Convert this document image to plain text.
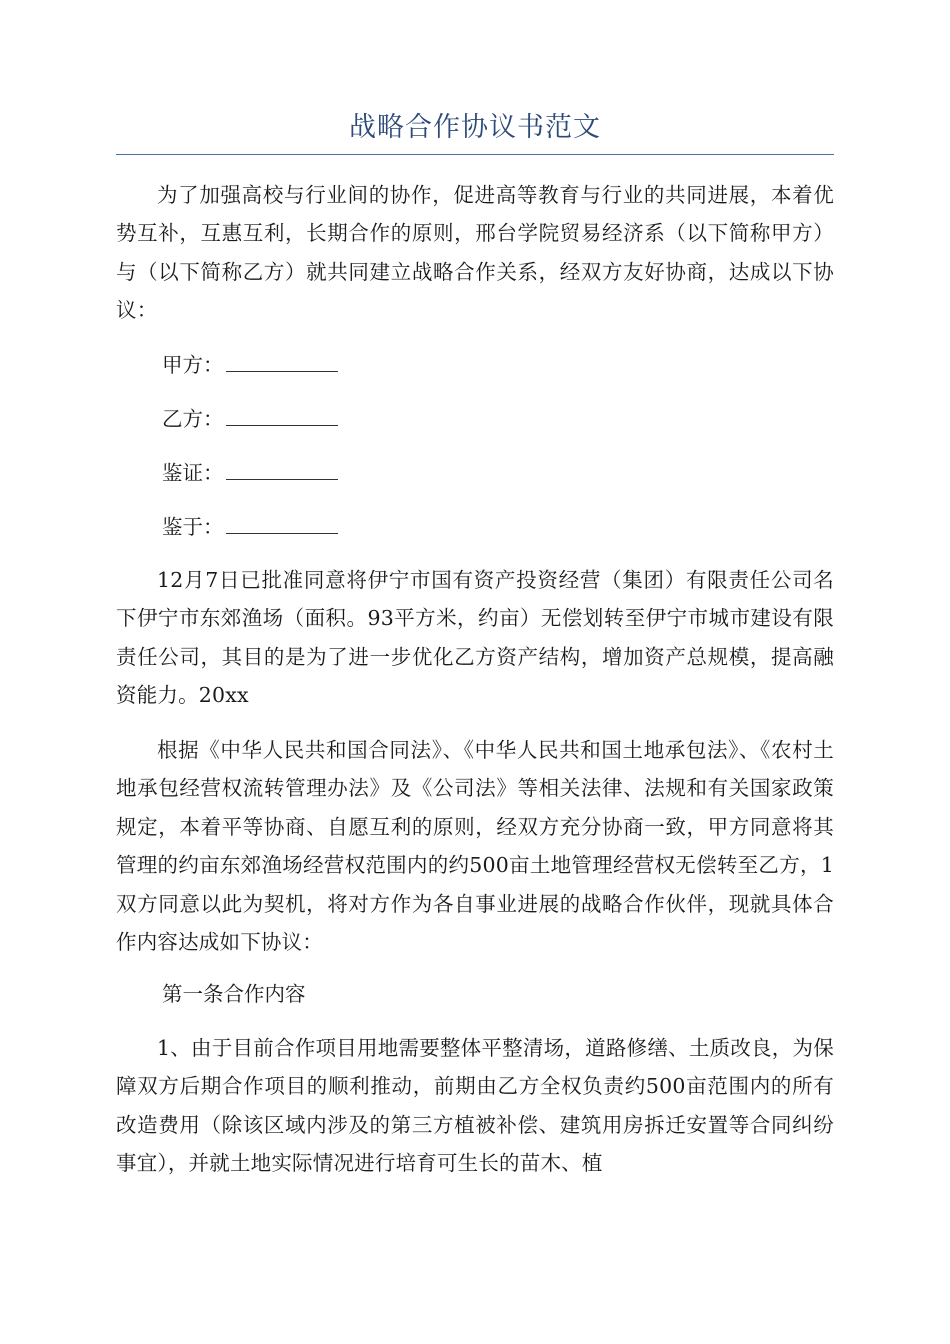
战略合作协议书范文

为了加强高校与行业间的协作，促进高等教育与行业的共同进展，本着优势互补，互惠互利，长期合作的原则，邢台学院贸易经济系（以下简称甲方）与（以下简称乙方）就共同建立战略合作关系，经双方友好协商，达成以下协议：

甲方：
乙方：
鉴证：
鉴于：

12月7日已批准同意将伊宁市国有资产投资经营（集团）有限责任公司名下伊宁市东郊渔场（面积。93平方米，约亩）无偿划转至伊宁市城市建设有限责任公司，其目的是为了进一步优化乙方资产结构，增加资产总规模，提高融资能力。20xx

根据《中华人民共和国合同法》、《中华人民共和国土地承包法》、《农村土地承包经营权流转管理办法》及《公司法》等相关法律、法规和有关国家政策规定，本着平等协商、自愿互利的原则，经双方充分协商一致，甲方同意将其管理的约亩东郊渔场经营权范围内的约500亩土地管理经营权无偿转至乙方，1双方同意以此为契机，将对方作为各自事业进展的战略合作伙伴，现就具体合作内容达成如下协议：

第一条合作内容

1、由于目前合作项目用地需要整体平整清场，道路修缮、土质改良，为保障双方后期合作项目的顺利推动，前期由乙方全权负责约500亩范围内的所有改造费用（除该区域内涉及的第三方植被补偿、建筑用房拆迁安置等合同纠纷事宜），并就土地实际情况进行培育可生长的苗木、植
